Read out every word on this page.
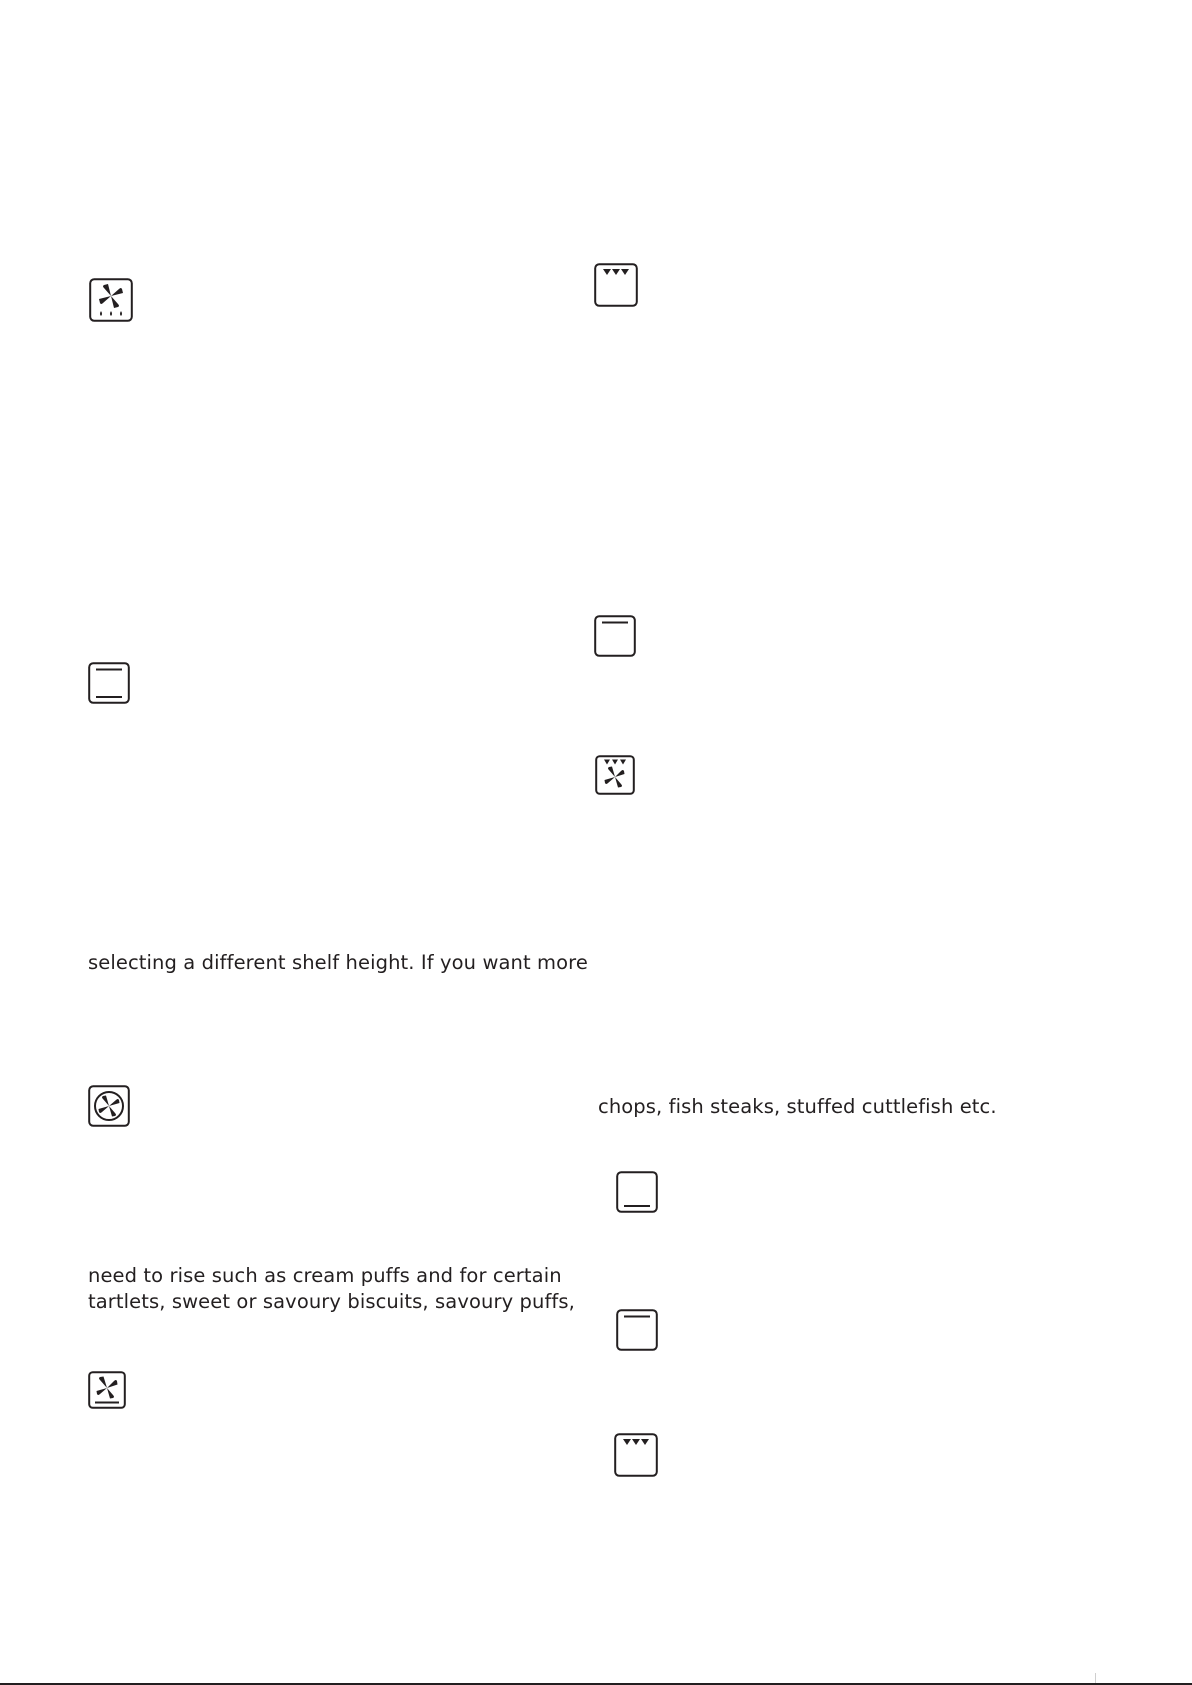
selecting a different shelf height. If you want more
need to rise such as cream puffs and for certain
tartlets, sweet or savoury biscuits, savoury puffs,
chops, fish steaks, stuffed cuttlefish etc.
